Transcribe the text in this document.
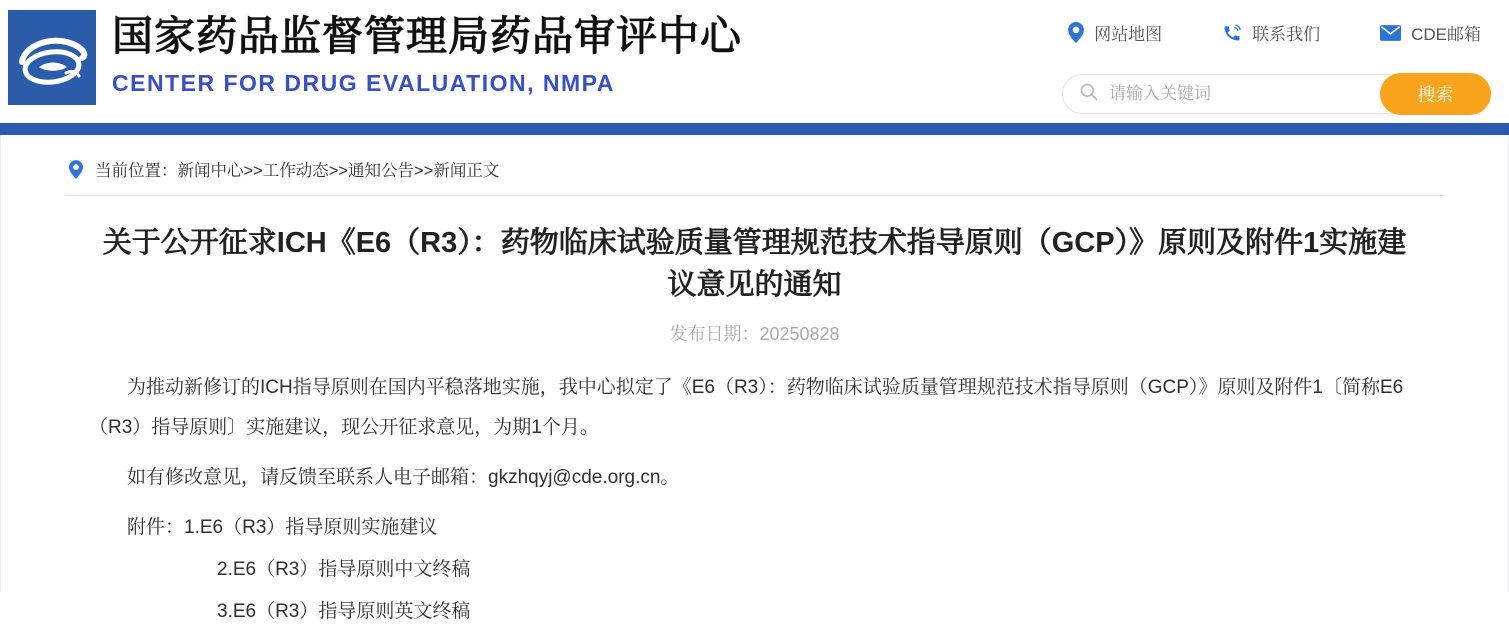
国家药品监督管理局药品审评中心
CENTER FOR DRUG EVALUATION, NMPA
网站地图	联系我们	CDE邮箱
请输入关键词
搜索
当前位置：新闻中心>>工作动态>>通知公告>>新闻正文
关于公开征求ICH《E6（R3）：药物临床试验质量管理规范技术指导原则（GCP）》原则及附件1实施建议意见的通知
发布日期：20250828

为推动新修订的ICH指导原则在国内平稳落地实施，我中心拟定了《E6（R3）：药物临床试验质量管理规范技术指导原则（GCP）》原则及附件1〔简称E6（R3）指导原则〕实施建议，现公开征求意见，为期1个月。

如有修改意见，请反馈至联系人电子邮箱：gkzhqyj@cde.org.cn。

附件：1.E6（R3）指导原则实施建议
2.E6（R3）指导原则中文终稿
3.E6（R3）指导原则英文终稿
